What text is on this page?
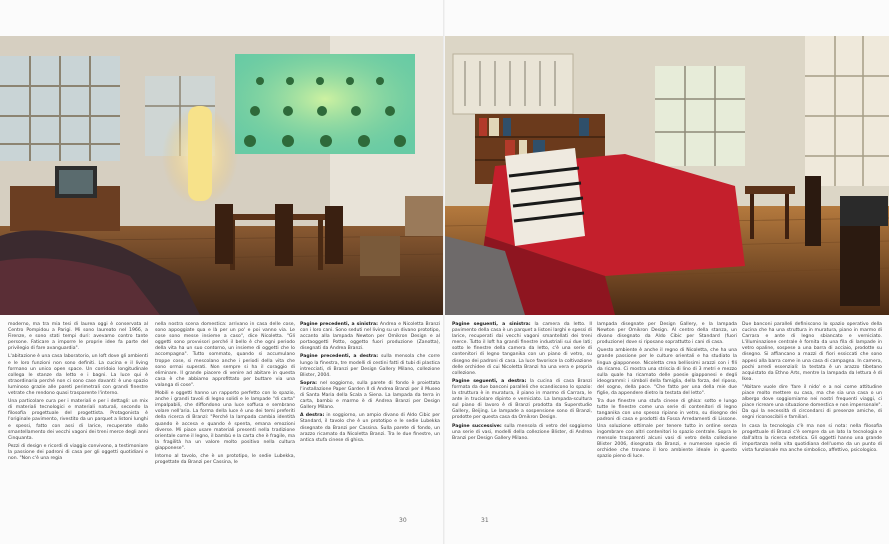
moderno, ma tra mia tesi di laurea oggi è conservata al Centro Pompidou a Parigi. Mi sono laureato nel 1966, a Firenze, e sono stati tempi duri: avevamo contro tante persone. Faticare a imporre le proprie idee fa parte del privilegio di fare avanguardia".

L'abitazione è una casa laboratorio, un loft dove gli ambienti e le loro funzioni non sono definiti. La cucina e il living formano un unico open space. Un corridoio longitudinale collega le stanze da letto e i bagni. La luce qui è straordinaria perché non ci sono case davanti: è uno spazio luminoso grazie alle pareti perimetrali con grandi finestre vetrate che rendono quasi trasparente l'interno.

Una particolare cura per i materiali e per i dettagli: un mix di materiali tecnologici e materiali naturali, secondo la filosofia progettuale del progettista. Protagonista è l'originale pavimento, rivestito da un parquet a listoni lunghi e spessi, fatto con assi di larice, recuperate dallo smantellamento dei vecchi vagoni dei treni merce degli anni Cinquanta.

Pezzi di design e ricordi di viaggio convivono, a testimoniare la passione dei padroni di casa per gli oggetti quotidiani e non. "Non c'è una regia

nella nostra scena domestica: arrivano in casa delle cose, sono appoggiate qua e là per un po' e poi vanno via. Le cose sono messe insieme a caso", dice Nicoletta. "Gli oggetti sono provvisori perché il bello è che ogni periodo della vita ha un suo contorno, un insieme di oggetti che lo accompagna". Tutto sommato, quando si accumulano troppe cose, si mescolano anche i periodi della vita che sono ormai superati. Non sempre si ha il coraggio di eliminare. Il grande piacere di venire ad abitare in questa casa è che abbiamo approfittato per buttare via una valanga di cose".

Mobili e oggetti hanno un rapporto perfetto con lo spazio, anche i grandi tavoli di legno solidi e le lampade "di carta" impalpabili, che diffondono una luce soffusa e sembrano volare nell'aria. La forma della luce è uno dei temi preferiti della ricerca di Branzi: "Perché la lampada cambia identità quando è accesa e quando è spenta, emana emozioni diverse. Mi piace usare materiali presenti nella tradizione orientale come il legno, il bambù e la carta che è fragile, ma la fragilità ha un valore molto positivo nella cultura giapponese".

Intorno al tavolo, che è un prototipo, le sedie Lubekka, progettate da Branzi per Cassina, le

Pagine precedenti, a sinistra: Andrea e Nicoletta Branzi con i loro cani. Sono seduti nel living su un divano prototipo, accanto alla lampada Newton per Omikron Design e al portaoggetti Potto, oggetto fuori produzione (Zanotta), disegnati da Andrea Branzi.

Pagine precedenti, a destra: sulla mensola che corre lungo la finestra, tre modelli di cestini fatti di tubi di plastica intrecciati, di Branzi per Design Gallery Milano, collezione Blister, 2004.

Sopra: nel soggiorno, sulla parete di fondo è proiettata l'installazione Paper Garden II di Andrea Branzi per il Museo di Santa Maria della Scala a Siena. La lampada da terra in carta, bambù e marmo è di Andrea Branzi per Design Gallery Milano.

A destra: in soggiorno, un ampio divano di Aldo Cibic per Standard, il tavolo che è un prototipo e le sedie Lubekka disegnate da Branzi per Cassina. Sulla parete di fondo, un arazzo ricamato da Nicoletta Branzi. Tra le due finestre, un antica stufa cinese di ghisa.

Pagine seguenti, a sinistra: la camera da letto. Il pavimento della casa è un parquet a listoni larghi e spessi di larice, recuperati dai vecchi vagoni smantellati dei treni merce. Tutto il loft ha grandi finestre industriali sui due lati; sotto le finestre della camera da letto, c'è una serie di contenitori di legno tanganika con un piano di vetro, su disegno dei padroni di casa. La luce favorisce la coltivazione delle orchidee di cui Nicoletta Branzi ha una vera e propria collezione.

Pagine seguenti, a destra: la cucina di casa Branzi formata da due banconi paralleli che scandiscono lo spazio: la struttura è in muratura, il piano in marmo di Carrara, le ante in truciolare dipinto e verniciato. La lampada-scultura sul piano di lavoro è di Branzi prodotta da Superstudio Gallery, Beijing. Le lampade a sospensione sono di Branzi, prodotte per questa casa da Omikron Design.

Pagine successive: sulla mensola di vetro del soggiorno una serie di vasi, modelli della collezione Blister, di Andrea Branzi per Design Gallery Milano.

lampada disegnate per Design Gallery, e la lampada Newton per Omikron Design. Al centro della stanza, un divano disegnato da Aldo Cibic per Standard (fuori produzione) dove si riposano soprattutto i cani di casa.

Questo ambiente è anche il regno di Nicoletta, che ha una grande passione per le culture orientali e ha studiato la lingua giapponese. Nicoletta crea bellissimi arazzi con i fili da ricamo. Ci mostra una striscia di lino di 3 metri e mezzo sulla quale ha ricamato delle poesie giapponesi e degli ideogrammi: i simboli della famiglia, della forza, del riposo, del sogno, della pace. "Che fatto per una della mie due figlie, da appendere dietro la testata del letto".

Tra due finestre una stufa cinese di ghisa: sotto e lungo tutte le finestre come una serie di contenitori di legno tanganika con uno spesso ripiano in vetro, su disegno dei padroni di casa e prodotti da Fossa Arredamenti di Lissone. Una soluzione ottimale per tenere tutto in ordine senza ingombrare con altri contenitori lo spazio centrale. Sopra le mensole trasparenti alcuni vasi di vetro della collezione Blister 2006, disegnata da Branzi, e numerose specie di orchidee che trovano il loro ambiente ideale in questo spazio pieno di luce.

Due banconi paralleli definiscono lo spazio operativo della cucina che ha una struttura in muratura, piano in marmo di Carrara e ante di legno sbiancato e verniciato. L'illuminazione centrale è fornita da una fila di lampade in vetro opaline, sospese a una barra di acciaio, prodotte su disegno. Si affiancano a mazzi di fiori essiccati che sono appesi alla barra come in una casa di campagna. In camera, pochi arredi essenziali: la testata è un arazzo tibetano acquistato da Ethno Arts, mentre la lampada da lettura è di Ikea.

"Abitare vuole dire 'fare il nido' e a noi come attitudine piace molto mettere su casa, ma che sia una casa o un albergo dove soggiorniamo nei nostri frequenti viaggi, ci piace ricreare una situazione domestica e non impersonale". Da qui la necessità di circondarsi di presenze amiche, di segni riconoscibili e familiari.

In casa la tecnologia c'è ma non si nota: nella filosofia progettuale di Branzi c'è sempre da un lato la tecnologia e dall'altra la ricerca estetica. Gli oggetti hanno una grande importanza nella vita quotidiana dell'uomo da un punto di vista funzionale ma anche simbolico, affettivo, psicologico.

30	31
